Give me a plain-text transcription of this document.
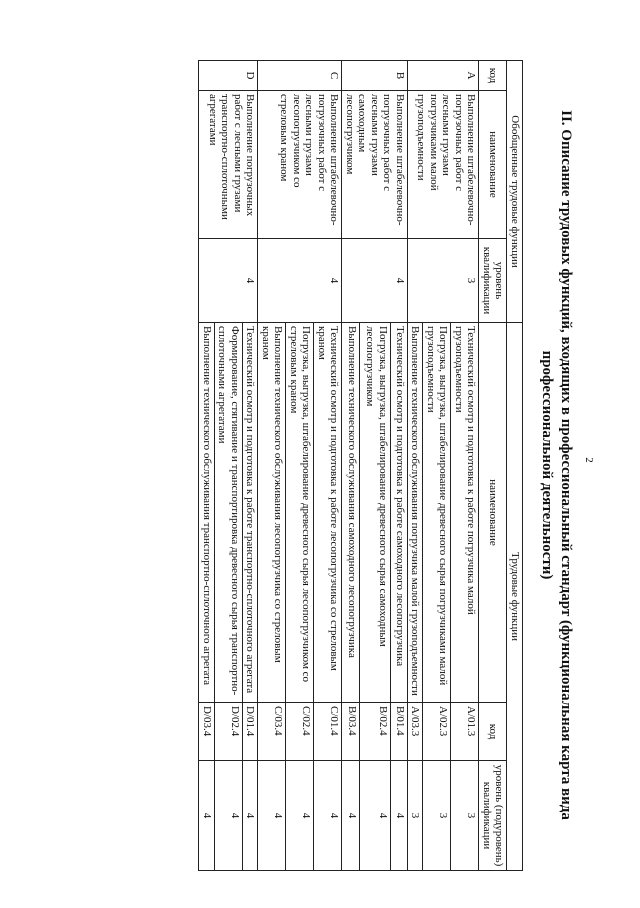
2
II. Описание трудовых функций, входящих в профессиональный стандарт (функциональная карта вида профессиональной деятельности)
Обобщенные трудовые функции			Трудовые функции		
код	наименование	уровень квалификации	наименование	код	уровень (подуровень) квалификации
A	Выполнение штабелевочно-погрузочных работ с лесными грузами погрузчиками малой грузоподъемности	3	Технический осмотр и подготовка к работе погрузчика малой грузоподъемности	A/01.3	3
			Погрузка, выгрузка, штабелирование древесного сырья погрузчиками малой грузоподъемности	A/02.3	3
			Выполнение технического обслуживания погрузчика малой грузоподъемности	A/03.3	3
B	Выполнение штабелевочно-погрузочных работ с лесными грузами самоходным лесопогрузчиком	4	Технический осмотр и подготовка к работе самоходного лесопогрузчика	B/01.4	4
			Погрузка, выгрузка, штабелирование древесного сырья самоходным лесопогрузчиком	B/02.4	4
			Выполнение технического обслуживания самоходного лесопогрузчика	B/03.4	4
C	Выполнение штабелевочно-погрузочных работ с лесными грузами лесопогрузчиком со стреловым краном	4	Технический осмотр и подготовка к работе лесопогрузчика со стреловым краном	C/01.4	4
			Погрузка, выгрузка, штабелирование древесного сырья лесопогрузчиком со стреловым краном	C/02.4	4
			Выполнение технического обслуживания лесопогрузчика со стреловым краном	C/03.4	4
D	Выполнение погрузочных работ с лесными грузами транспортно-сплоточными агрегатами	4	Технический осмотр и подготовка к работе транспортно-сплоточного агрегата	D/01.4	4
			Формирование, стягивание и транспортировка древесного сырья транспортно-сплоточными агрегатами	D/02.4	4
			Выполнение технического обслуживания транспортно-сплоточного агрегата	D/03.4	4
